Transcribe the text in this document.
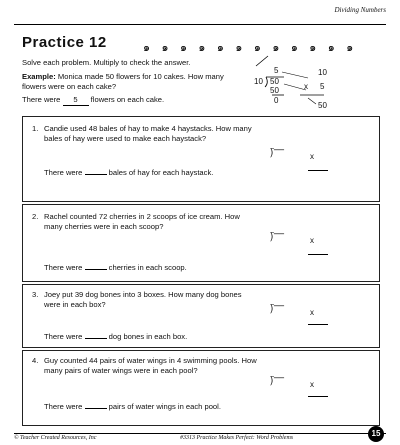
Dividing Numbers
Practice 12	๑ ๑ ๑ ๑ ๑ ๑ ๑ ๑ ๑ ๑ ๑ ๑
Solve each problem. Multiply to check the answer.
Example: Monica made 50 flowers for 10 cakes. How many flowers were on each cake?
There were 5 flowers on each cake.
5
10 50
50
0
10
x 5
50
1. Candie used 48 bales of hay to make 4 haystacks. How many bales of hay were used to make each haystack?
There were	bales of hay for each haystack.
⟌‾‾	x
2. Rachel counted 72 cherries in 2 scoops of ice cream. How many cherries were in each scoop?
There were	cherries in each scoop.
⟌‾‾	x
3. Joey put 39 dog bones into 3 boxes. How many dog bones were in each box?
There were	dog bones in each box.
⟌‾‾	x
4. Guy counted 44 pairs of water wings in 4 swimming pools. How many pairs of water wings were in each pool?
There were	pairs of water wings in each pool.
⟌‾‾	x
© Teacher Created Resources, Inc	#3313 Practice Makes Perfect: Word Problems	15
